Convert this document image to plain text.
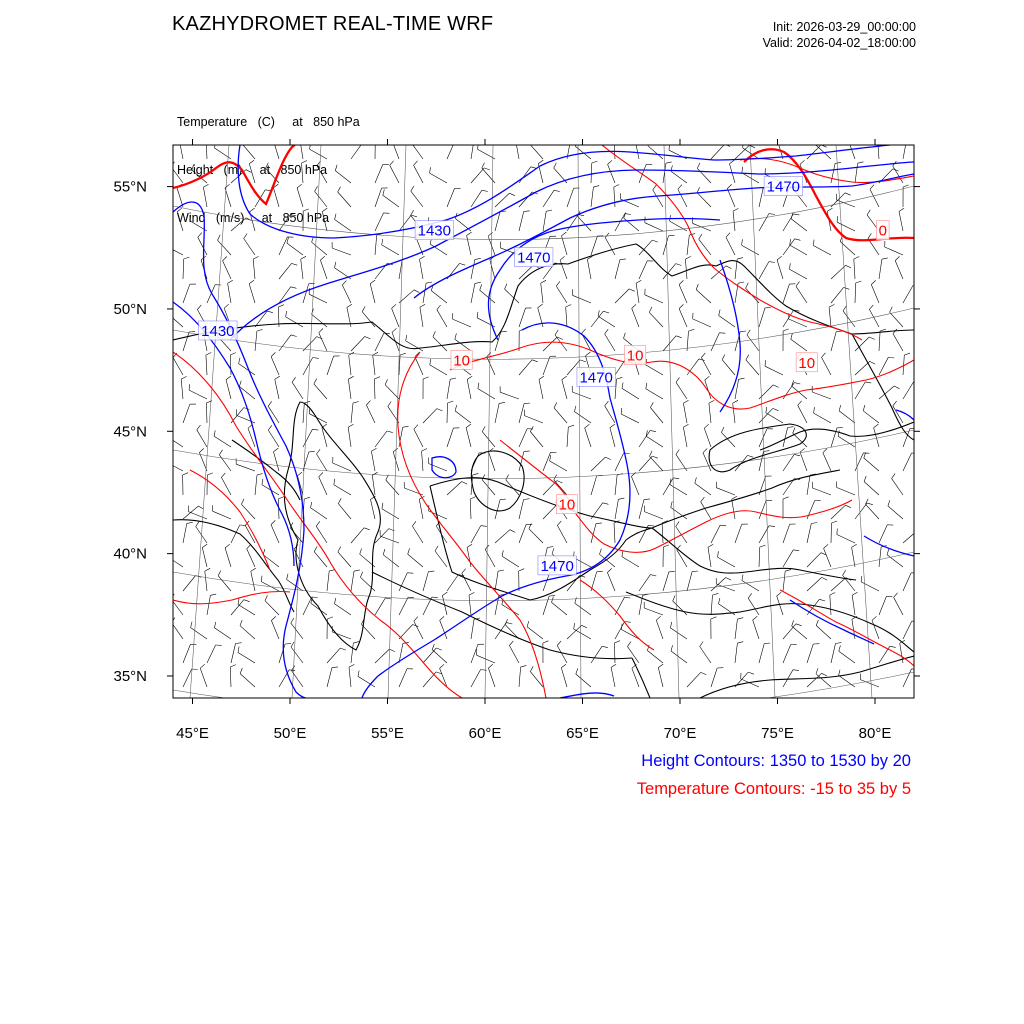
KAZHYDROMET REAL-TIME WRF	Init: 2026-03-29_00:00:00
Valid: 2026-04-02_18:00:00

Temperature   (C)     at   850 hPa

Height   (m)     at   850 hPa

Wind   (m/s)     at   850 hPa

1430
1470
1430
1470
1470
1470
10	10	10
10
0
55°N
50°N
45°N
40°N
35°N
45°E	50°E	55°E	60°E	65°E	70°E	75°E	80°E
Height Contours: 1350 to 1530 by 20
Temperature Contours: -15 to 35 by 5
